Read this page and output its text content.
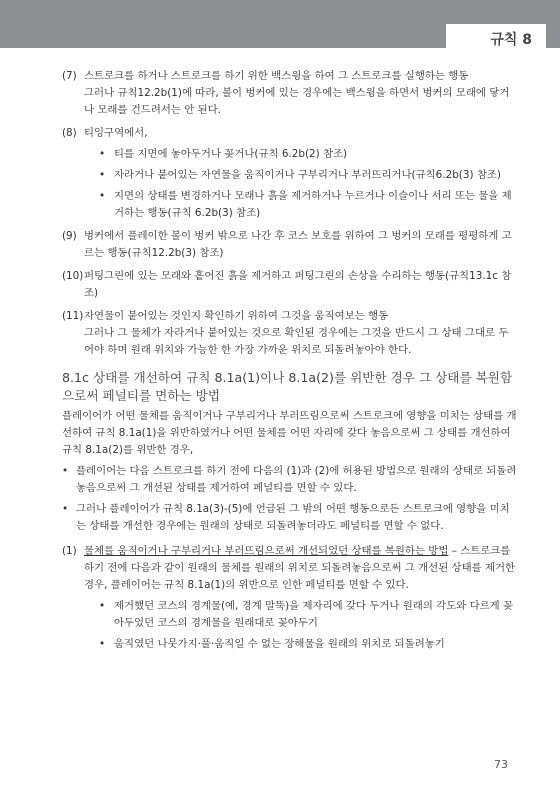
규칙 8
(7) 스트로크를 하거나 스트로크를 하기 위한 백스윙을 하여 그 스트로크를 실행하는 행동
그러나 규칙12.2b(1)에 따라, 볼이 벙커에 있는 경우에는 백스윙을 하면서 벙커의 모래에 닿거나 모래를 건드려서는 안 된다.
(8) 티잉구역에서,
• 티를 지면에 놓아두거나 꽂거나(규칙 6.2b(2) 참조)
• 자라거나 붙어있는 자연물을 움직이거나 구부리거나 부러뜨리거나(규칙6.2b(3) 참조)
• 지면의 상태를 변경하거나 모래나 흙을 제거하거나 누르거나 이슬이나 서리 또는 물을 제거하는 행동(규칙 6.2b(3) 참조)
(9) 벙커에서 플레이한 볼이 벙커 밖으로 나간 후 코스 보호를 위하여 그 벙커의 모래를 평평하게 고르는 행동(규칙12.2b(3) 참조)
(10) 퍼팅그린에 있는 모래와 흩어진 흙을 제거하고 퍼팅그린의 손상을 수리하는 행동(규칙13.1c 참조)
(11) 자연물이 붙어있는 것인지 확인하기 위하여 그것을 움직여보는 행동
그러나 그 물체가 자라거나 붙어있는 것으로 확인된 경우에는 그것을 반드시 그 상태 그대로 두어야 하며 원래 위치와 가능한 한 가장 가까운 위치로 되돌려놓아야 한다.
8.1c 상태를 개선하여 규칙 8.1a(1)이나 8.1a(2)를 위반한 경우 그 상태를 복원함으로써 페널티를 면하는 방법
플레이어가 어떤 물체를 움직이거나 구부리거나 부러뜨림으로써 스트로크에 영향을 미치는 상태를 개선하여 규칙 8.1a(1)을 위반하였거나 어떤 물체를 어떤 자리에 갖다 놓음으로써 그 상태를 개선하여 규칙 8.1a(2)를 위반한 경우,
• 플레이어는 다음 스트로크를 하기 전에 다음의 (1)과 (2)에 허용된 방법으로 원래의 상태로 되돌려놓음으로써 그 개선된 상태를 제거하여 페널티를 면할 수 있다.
• 그러나 플레이어가 규칙 8.1a(3)-(5)에 언급된 그 밖의 어떤 행동으로든 스트로크에 영향을 미치는 상태를 개선한 경우에는 원래의 상태로 되돌려놓더라도 페널티를 면할 수 없다.
(1) 물체를 움직이거나 구부리거나 부러뜨림으로써 개선되었던 상태를 복원하는 방법 – 스트로크를 하기 전에 다음과 같이 원래의 물체를 원래의 위치로 되돌려놓음으로써 그 개선된 상태를 제거한 경우, 플레이어는 규칙 8.1a(1)의 위반으로 인한 페널티를 면할 수 있다.
• 제거했던 코스의 경계물(예, 경계 말뚝)을 제자리에 갖다 두거나 원래의 각도와 다르게 꽂아두었던 코스의 경계물을 원래대로 꽂아두기
• 움직였던 나뭇가지·풀·움직일 수 없는 장해물을 원래의 위치로 되돌려놓기
73
